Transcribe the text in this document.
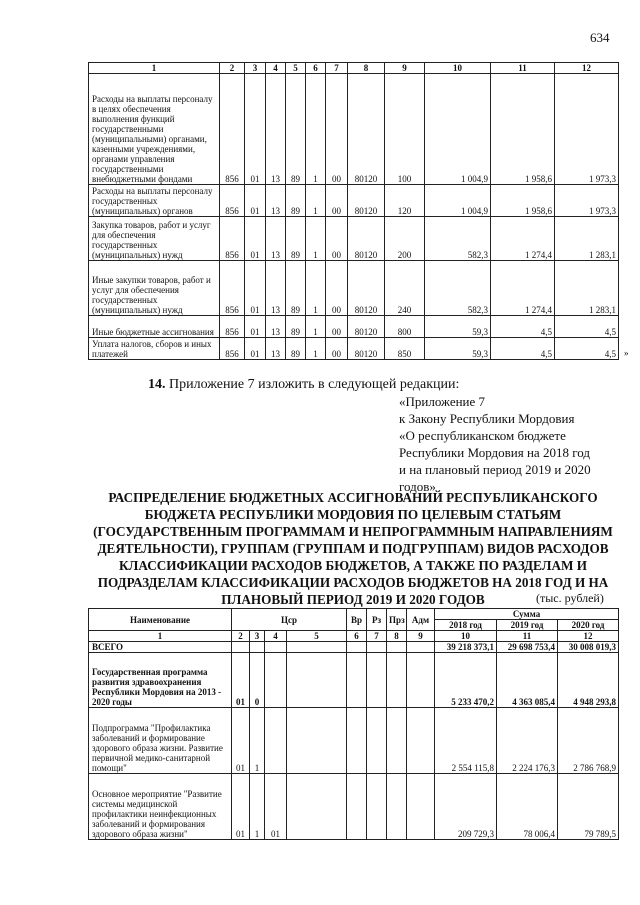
634
1	2	3	4	5	6	7	8	9	10	11	12
Расходы на выплаты персоналу в целях обеспечения выполнения функций государственными (муниципальными) органами, казенными учреждениями, органами управления государственными внебюджетными фондами	856	01	13	89	1	00	80120	100	1 004,9	1 958,6	1 973,3
Расходы на выплаты персоналу государственных (муниципальных) органов	856	01	13	89	1	00	80120	120	1 004,9	1 958,6	1 973,3
Закупка товаров, работ и услуг для обеспечения государственных (муниципальных) нужд	856	01	13	89	1	00	80120	200	582,3	1 274,4	1 283,1
Иные закупки товаров, работ и услуг для обеспечения государственных (муниципальных) нужд	856	01	13	89	1	00	80120	240	582,3	1 274,4	1 283,1
Иные бюджетные ассигнования	856	01	13	89	1	00	80120	800	59,3	4,5	4,5
Уплата налогов, сборов и иных платежей	856	01	13	89	1	00	80120	850	59,3	4,5	4,5 »
14. Приложение 7 изложить в следующей редакции:
«Приложение 7
к Закону Республики Мордовия
«О республиканском бюджете
Республики Мордовия на 2018 год
и на плановый период 2019 и 2020
годов»
РАСПРЕДЕЛЕНИЕ БЮДЖЕТНЫХ АССИГНОВАНИЙ РЕСПУБЛИКАНСКОГО
БЮДЖЕТА РЕСПУБЛИКИ МОРДОВИЯ ПО ЦЕЛЕВЫМ СТАТЬЯМ
(ГОСУДАРСТВЕННЫМ ПРОГРАММАМ И НЕПРОГРАММНЫМ НАПРАВЛЕНИЯМ
ДЕЯТЕЛЬНОСТИ), ГРУППАМ (ГРУППАМ И ПОДГРУППАМ) ВИДОВ РАСХОДОВ
КЛАССИФИКАЦИИ РАСХОДОВ БЮДЖЕТОВ, А ТАКЖЕ ПО РАЗДЕЛАМ И
ПОДРАЗДЕЛАМ КЛАССИФИКАЦИИ РАСХОДОВ БЮДЖЕТОВ НА 2018 ГОД И НА
ПЛАНОВЫЙ ПЕРИОД 2019 И 2020 ГОДОВ	(тыс. рублей)
Наименование	Цср				Вр	Рз	Прз	Адм	Сумма		
									2018 год	2019 год	2020 год
1	2	3	4	5	6	7	8	9	10	11	12
ВСЕГО									39 218 373,1	29 698 753,4	30 008 019,3
Государственная программа развития здравоохранения Республики Мордовия на 2013 - 2020 годы	01	0							5 233 470,2	4 363 085,4	4 948 293,8
Подпрограмма "Профилактика заболеваний и формирование здорового образа жизни. Развитие первичной медико-санитарной помощи"	01	1							2 554 115,8	2 224 176,3	2 786 768,9
Основное мероприятие "Развитие системы медицинской профилактики неинфекционных заболеваний и формирования здорового образа жизни"	01	1	01						209 729,3	78 006,4	79 789,5
